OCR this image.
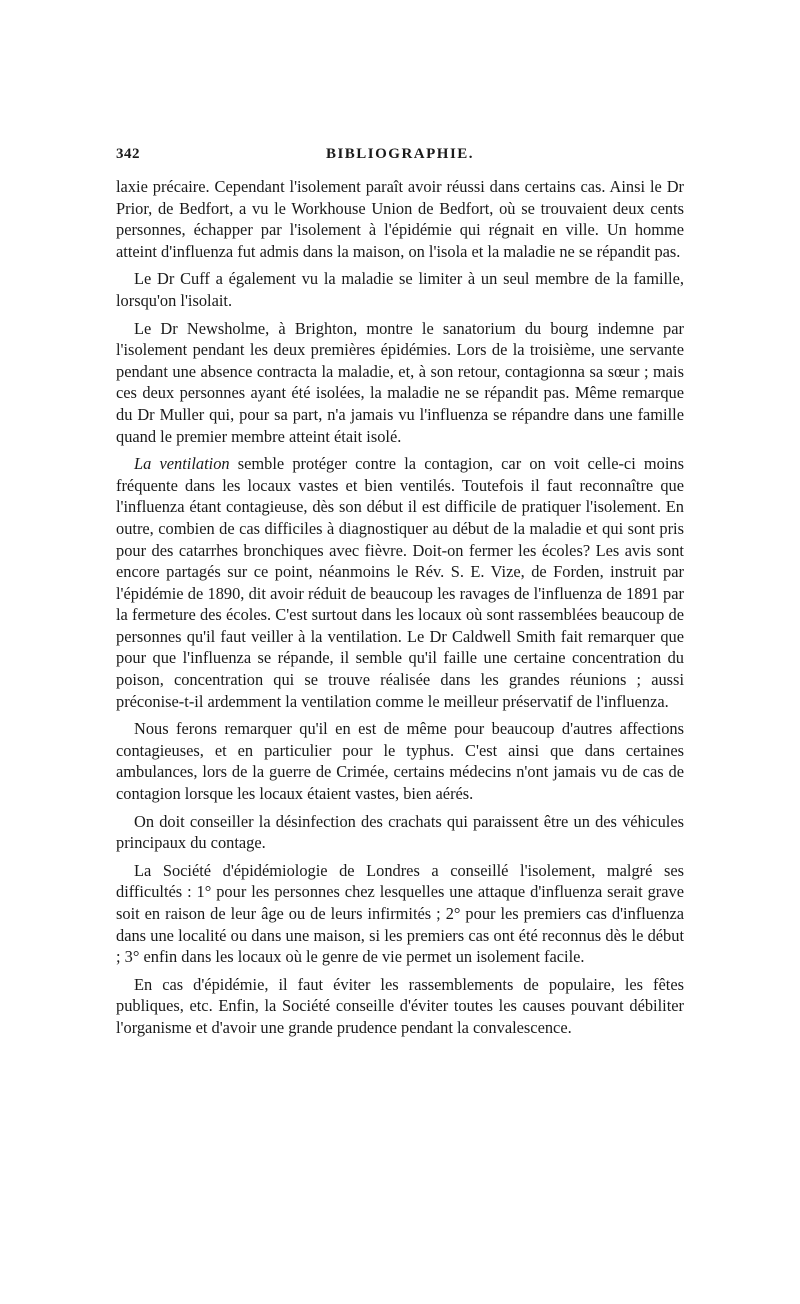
342	BIBLIOGRAPHIE.

laxie précaire. Cependant l'isolement paraît avoir réussi dans certains cas. Ainsi le Dr Prior, de Bedfort, a vu le Workhouse Union de Bedfort, où se trouvaient deux cents personnes, échapper par l'isolement à l'épidémie qui régnait en ville. Un homme atteint d'influenza fut admis dans la maison, on l'isola et la maladie ne se répandit pas.

Le Dr Cuff a également vu la maladie se limiter à un seul membre de la famille, lorsqu'on l'isolait.

Le Dr Newsholme, à Brighton, montre le sanatorium du bourg indemne par l'isolement pendant les deux premières épidémies. Lors de la troisième, une servante pendant une absence contracta la maladie, et, à son retour, contagionna sa sœur ; mais ces deux personnes ayant été isolées, la maladie ne se répandit pas. Même remarque du Dr Muller qui, pour sa part, n'a jamais vu l'influenza se répandre dans une famille quand le premier membre atteint était isolé.

La ventilation semble protéger contre la contagion, car on voit celle-ci moins fréquente dans les locaux vastes et bien ventilés. Toutefois il faut reconnaître que l'influenza étant contagieuse, dès son début il est difficile de pratiquer l'isolement. En outre, combien de cas difficiles à diagnostiquer au début de la maladie et qui sont pris pour des catarrhes bronchiques avec fièvre. Doit-on fermer les écoles? Les avis sont encore partagés sur ce point, néanmoins le Rév. S. E. Vize, de Forden, instruit par l'épidémie de 1890, dit avoir réduit de beaucoup les ravages de l'influenza de 1891 par la fermeture des écoles. C'est surtout dans les locaux où sont rassemblées beaucoup de personnes qu'il faut veiller à la ventilation. Le Dr Caldwell Smith fait remarquer que pour que l'influenza se répande, il semble qu'il faille une certaine concentration du poison, concentration qui se trouve réalisée dans les grandes réunions ; aussi préconise-t-il ardemment la ventilation comme le meilleur préservatif de l'influenza.

Nous ferons remarquer qu'il en est de même pour beaucoup d'autres affections contagieuses, et en particulier pour le typhus. C'est ainsi que dans certaines ambulances, lors de la guerre de Crimée, certains médecins n'ont jamais vu de cas de contagion lorsque les locaux étaient vastes, bien aérés.

On doit conseiller la désinfection des crachats qui paraissent être un des véhicules principaux du contage.

La Société d'épidémiologie de Londres a conseillé l'isolement, malgré ses difficultés : 1° pour les personnes chez lesquelles une attaque d'influenza serait grave soit en raison de leur âge ou de leurs infirmités ; 2° pour les premiers cas d'influenza dans une localité ou dans une maison, si les premiers cas ont été reconnus dès le début ; 3° enfin dans les locaux où le genre de vie permet un isolement facile.

En cas d'épidémie, il faut éviter les rassemblements de populaire, les fêtes publiques, etc. Enfin, la Société conseille d'éviter toutes les causes pouvant débiliter l'organisme et d'avoir une grande prudence pendant la convalescence.
